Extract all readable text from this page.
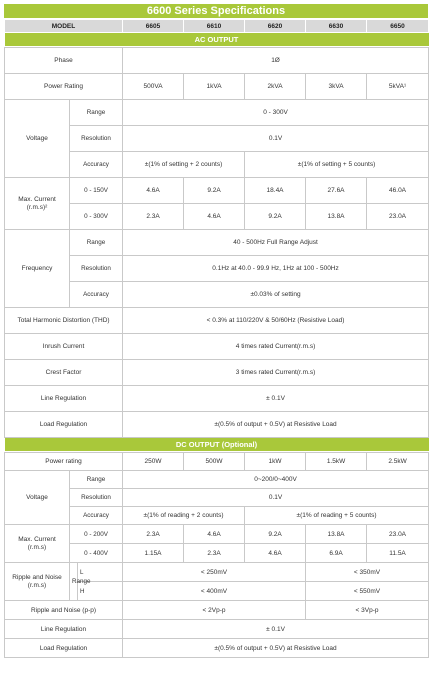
6600 Series Specifications
MODEL			6605	6610	6620	6630	6650

AC OUTPUT							

Phase			1Ø				
Power Rating			500VA	1kVA	2kVA	3kVA	5kVA¹
Voltage	Range		0 - 300V				
	Resolution		0.1V				
	Accuracy		±(1% of setting + 2 counts)		±(1% of setting + 5 counts)		
Max. Current
(r.m.s)²	0 - 150V		4.6A	9.2A	18.4A	27.6A	46.0A
	0 - 300V		2.3A	4.6A	9.2A	13.8A	23.0A
Frequency	Range		40 - 500Hz Full Range Adjust				
	Resolution		0.1Hz at 40.0 - 99.9 Hz, 1Hz at 100 - 500Hz				
	Accuracy		±0.03% of setting				
Total Harmonic Distortion (THD)			< 0.3% at 110/220V & 50/60Hz (Resistive Load)				
Inrush Current			4 times rated Current(r.m.s)				
Crest Factor			3 times rated Current(r.m.s)				
Line Regulation			± 0.1V				
Load Regulation			±(0.5% of output + 0.5V) at Resistive Load				

DC OUTPUT (Optional)							

Power rating			250W	500W	1kW	1.5kW	2.5kW
Voltage	Range		0~200/0~400V				
	Resolution		0.1V				
	Accuracy		±(1% of reading + 2 counts)		±(1% of reading + 5 counts)		
Max. Current
(r.m.s)	0 - 200V		2.3A	4.6A	9.2A	13.8A	23.0A
	0 - 400V		1.15A	2.3A	4.6A	6.9A	11.5A
Ripple and Noise
(r.m.s)	Range	L	< 250mV			< 350mV	
		H	< 400mV			< 550mV	
Ripple and Noise (p-p)			< 2Vp-p			< 3Vp-p	
Line Regulation			± 0.1V				
Load Regulation			±(0.5% of output + 0.5V) at Resistive Load				
